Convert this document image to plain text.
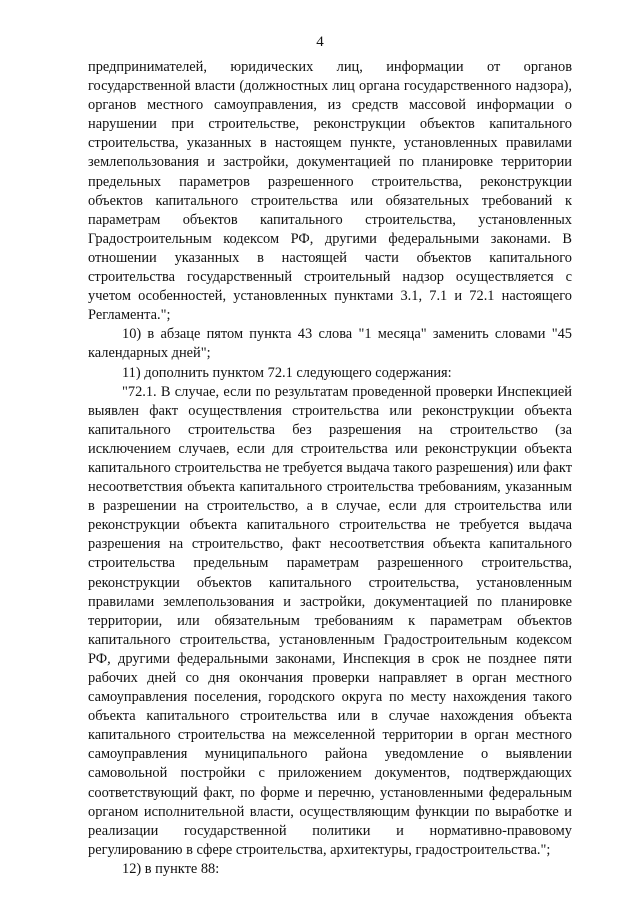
4

предпринимателей, юридических лиц, информации от органов государственной власти (должностных лиц органа государственного надзора), органов местного самоуправления, из средств массовой информации о нарушении при строительстве, реконструкции объектов капитального строительства, указанных в настоящем пункте, установленных правилами землепользования и застройки, документацией по планировке территории предельных параметров разрешенного строительства, реконструкции объектов капитального строительства или обязательных требований к параметрам объектов капитального строительства, установленных Градостроительным кодексом РФ, другими федеральными законами. В отношении указанных в настоящей части объектов капитального строительства государственный строительный надзор осуществляется с учетом особенностей, установленных пунктами 3.1, 7.1 и 72.1 настоящего Регламента.";

10) в абзаце пятом пункта 43 слова "1 месяца" заменить словами "45 календарных дней";

11) дополнить пунктом 72.1 следующего содержания:

"72.1. В случае, если по результатам проведенной проверки Инспекцией выявлен факт осуществления строительства или реконструкции объекта капитального строительства без разрешения на строительство (за исключением случаев, если для строительства или реконструкции объекта капитального строительства не требуется выдача такого разрешения) или факт несоответствия объекта капитального строительства требованиям, указанным в разрешении на строительство, а в случае, если для строительства или реконструкции объекта капитального строительства не требуется выдача разрешения на строительство, факт несоответствия объекта капитального строительства предельным параметрам разрешенного строительства, реконструкции объектов капитального строительства, установленным правилами землепользования и застройки, документацией по планировке территории, или обязательным требованиям к параметрам объектов капитального строительства, установленным Градостроительным кодексом РФ, другими федеральными законами, Инспекция в срок не позднее пяти рабочих дней со дня окончания проверки направляет в орган местного самоуправления поселения, городского округа по месту нахождения такого объекта капитального строительства или в случае нахождения объекта капитального строительства на межселенной территории в орган местного самоуправления муниципального района уведомление о выявлении самовольной постройки с приложением документов, подтверждающих соответствующий факт, по форме и перечню, установленными федеральным органом исполнительной власти, осуществляющим функции по выработке и реализации государственной политики и нормативно-правовому регулированию в сфере строительства, архитектуры, градостроительства.";

12) в пункте 88:
